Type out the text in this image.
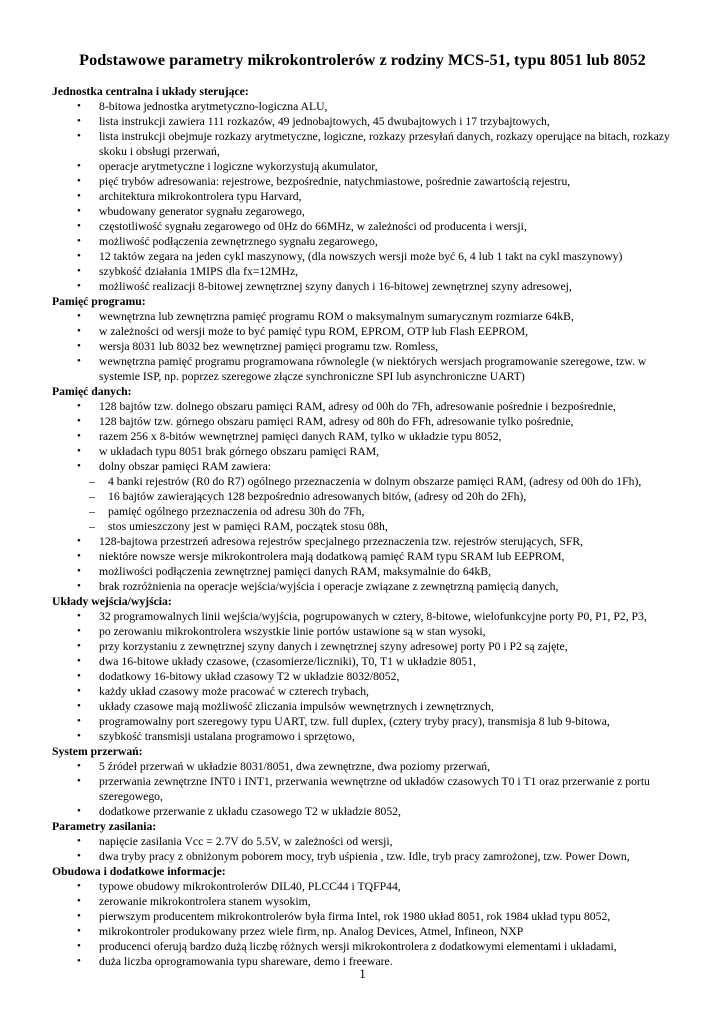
Podstawowe parametry mikrokontrolerów z rodziny MCS-51, typu 8051 lub 8052
Jednostka centralna i układy sterujące:
• 8-bitowa jednostka arytmetyczno-logiczna ALU,
• lista instrukcji zawiera 111 rozkazów, 49 jednobajtowych, 45 dwubajtowych i 17 trzybajtowych,
• lista instrukcji obejmuje rozkazy arytmetyczne, logiczne, rozkazy przesyłań danych, rozkazy operujące na bitach, rozkazy skoku i obsługi przerwań,
• operacje arytmetyczne i logiczne wykorzystują akumulator,
• pięć trybów adresowania: rejestrowe, bezpośrednie, natychmiastowe, pośrednie zawartością rejestru,
• architektura mikrokontrolera typu Harvard,
• wbudowany generator sygnału zegarowego,
• częstotliwość sygnału zegarowego od 0Hz do 66MHz, w zależności od producenta i wersji,
• możliwość podłączenia zewnętrznego sygnału zegarowego,
• 12 taktów zegara na jeden cykl maszynowy, (dla nowszych wersji może być 6, 4 lub 1 takt na cykl maszynowy)
• szybkość działania 1MIPS dla fx=12MHz,
• możliwość realizacji 8-bitowej zewnętrznej szyny danych i 16-bitowej zewnętrznej szyny adresowej,
Pamięć programu:
• wewnętrzna lub zewnętrzna pamięć programu ROM o maksymalnym sumarycznym rozmiarze 64kB,
• w zależności od wersji może to być pamięć typu ROM, EPROM, OTP lub Flash EEPROM,
• wersja 8031 lub 8032 bez wewnętrznej pamięci programu tzw. Romless,
• wewnętrzna pamięć programu programowana równolegle (w niektórych wersjach programowanie szeregowe, tzw. w systemie ISP, np. poprzez szeregowe złącze synchroniczne SPI lub asynchroniczne UART)
Pamięć danych:
• 128 bajtów tzw. dolnego obszaru pamięci RAM, adresy od 00h do 7Fh, adresowanie pośrednie i bezpośrednie,
• 128 bajtów tzw. górnego obszaru pamięci RAM, adresy od 80h do FFh, adresowanie tylko pośrednie,
• razem 256 x 8-bitów wewnętrznej pamięci danych RAM, tylko w układzie typu 8052,
• w układach typu 8051 brak górnego obszaru pamięci RAM,
• dolny obszar pamięci RAM zawiera:
– 4 banki rejestrów (R0 do R7) ogólnego przeznaczenia w dolnym obszarze pamięci RAM, (adresy od 00h do 1Fh),
– 16 bajtów zawierających 128 bezpośrednio adresowanych bitów, (adresy od 20h do 2Fh),
– pamięć ogólnego przeznaczenia od adresu 30h do 7Fh,
– stos umieszczony jest w pamięci RAM, początek stosu 08h,
• 128-bajtowa przestrzeń adresowa rejestrów specjalnego przeznaczenia tzw. rejestrów sterujących, SFR,
• niektóre nowsze wersje mikrokontrolera mają dodatkową pamięć RAM typu SRAM lub EEPROM,
• możliwości podłączenia zewnętrznej pamięci danych RAM, maksymalnie do 64kB,
• brak rozróżnienia na operacje wejścia/wyjścia i operacje związane z zewnętrzną pamięcią danych,
Układy wejścia/wyjścia:
• 32 programowalnych linii wejścia/wyjścia, pogrupowanych w cztery, 8-bitowe, wielofunkcyjne porty P0, P1, P2, P3,
• po zerowaniu mikrokontrolera wszystkie linie portów ustawione są w stan wysoki,
• przy korzystaniu z zewnętrznej szyny danych i zewnętrznej szyny adresowej porty P0 i P2 są zajęte,
• dwa 16-bitowe układy czasowe, (czasomierze/liczniki), T0, T1 w układzie 8051,
• dodatkowy 16-bitowy układ czasowy T2 w układzie 8032/8052,
• każdy układ czasowy może pracować w czterech trybach,
• układy czasowe mają możliwość zliczania impulsów wewnętrznych i zewnętrznych,
• programowalny port szeregowy typu UART, tzw. full duplex, (cztery tryby pracy), transmisja 8 lub 9-bitowa,
• szybkość transmisji ustalana programowo i sprzętowo,
System przerwań:
• 5 źródeł przerwań w układzie 8031/8051, dwa zewnętrzne, dwa poziomy przerwań,
• przerwania zewnętrzne INT0 i INT1, przerwania wewnętrzne od układów czasowych T0 i T1 oraz przerwanie z portu szeregowego,
• dodatkowe przerwanie z układu czasowego T2 w układzie 8052,
Parametry zasilania:
• napięcie zasilania Vcc = 2.7V do 5.5V, w zależności od wersji,
• dwa tryby pracy z obniżonym poborem mocy, tryb uśpienia , tzw. Idle, tryb pracy zamrożonej, tzw. Power Down,
Obudowa i dodatkowe informacje:
• typowe obudowy mikrokontrolerów DIL40, PLCC44 i TQFP44,
• zerowanie mikrokontrolera stanem wysokim,
• pierwszym producentem mikrokontrolerów była firma Intel, rok 1980 układ 8051, rok 1984 układ typu 8052,
• mikrokontroler produkowany przez wiele firm, np. Analog Devices, Atmel, Infineon, NXP
• producenci oferują bardzo dużą liczbę różnych wersji mikrokontrolera z dodatkowymi elementami i układami,
• duża liczba oprogramowania typu shareware, demo i freeware.
1
